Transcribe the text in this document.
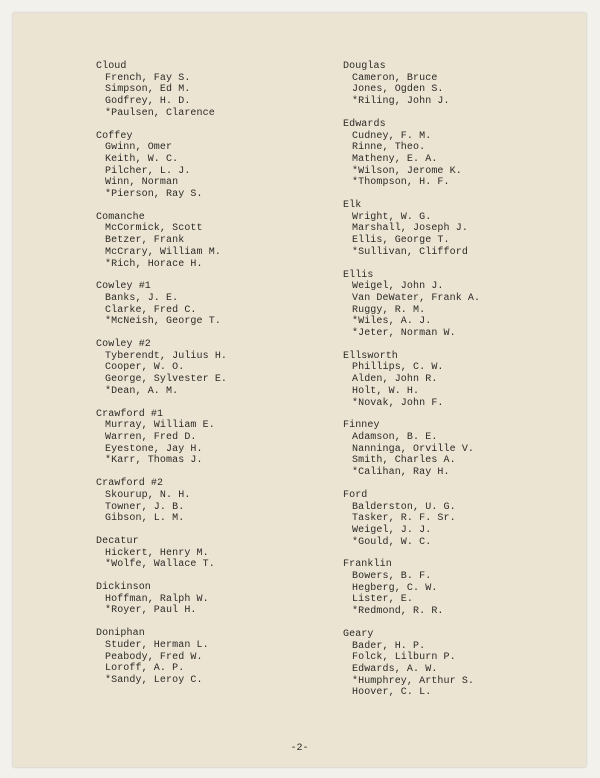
Cloud
French, Fay S.
Simpson, Ed M.
Godfrey, H. D.
*Paulsen, Clarence
Coffey
Gwinn, Omer
Keith, W. C.
Pilcher, L. J.
Winn, Norman
*Pierson, Ray S.
Comanche
McCormick, Scott
Betzer, Frank
McCrary, William M.
*Rich, Horace H.
Cowley #1
Banks, J. E.
Clarke, Fred C.
*McNeish, George T.
Cowley #2
Tyberendt, Julius H.
Cooper, W. O.
George, Sylvester E.
*Dean, A. M.
Crawford #1
Murray, William E.
Warren, Fred D.
Eyestone, Jay H.
*Karr, Thomas J.
Crawford #2
Skourup, N. H.
Towner, J. B.
Gibson, L. M.
Decatur
Hickert, Henry M.
*Wolfe, Wallace T.
Dickinson
Hoffman, Ralph W.
*Royer, Paul H.
Doniphan
Studer, Herman L.
Peabody, Fred W.
Loroff, A. P.
*Sandy, Leroy C.
Douglas
Cameron, Bruce
Jones, Ogden S.
*Riling, John J.
Edwards
Cudney, F. M.
Rinne, Theo.
Matheny, E. A.
*Wilson, Jerome K.
*Thompson, H. F.
Elk
Wright, W. G.
Marshall, Joseph J.
Ellis, George T.
*Sullivan, Clifford
Ellis
Weigel, John J.
Van DeWater, Frank A.
Ruggy, R. M.
*Wiles, A. J.
*Jeter, Norman W.
Ellsworth
Phillips, C. W.
Alden, John R.
Holt, W. H.
*Novak, John F.
Finney
Adamson, B. E.
Nanninga, Orville V.
Smith, Charles A.
*Calihan, Ray H.
Ford
Balderston, U. G.
Tasker, R. F. Sr.
Weigel, J. J.
*Gould, W. C.
Franklin
Bowers, B. F.
Hegberg, C. W.
Lister, E.
*Redmond, R. R.
Geary
Bader, H. P.
Folck, Lilburn P.
Edwards, A. W.
*Humphrey, Arthur S.
Hoover, C. L.
-2-
